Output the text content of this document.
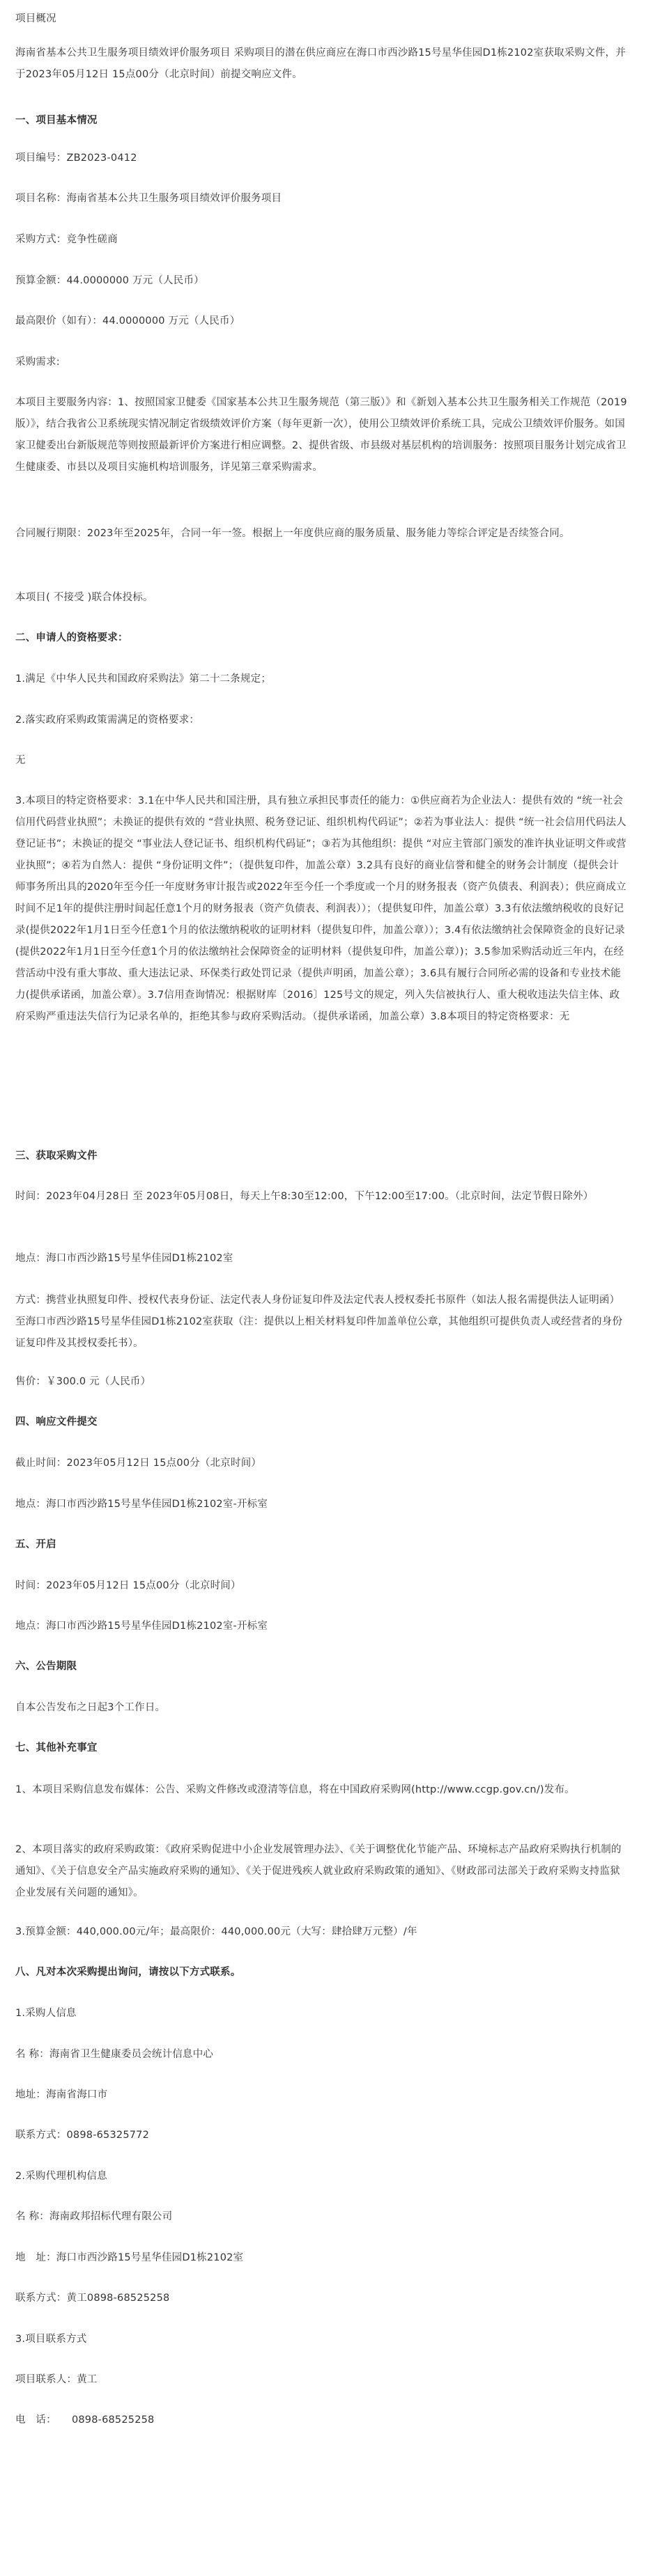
项目概况

海南省基本公共卫生服务项目绩效评价服务项目 采购项目的潜在供应商应在海口市西沙路15号星华佳园D1栋2102室获取采购文件，并于2023年05月12日 15点00分（北京时间）前提交响应文件。

一、项目基本情况

项目编号：ZB2023-0412

项目名称：海南省基本公共卫生服务项目绩效评价服务项目

采购方式：竞争性磋商

预算金额：44.0000000 万元（人民币）

最高限价（如有）：44.0000000 万元（人民币）

采购需求:

本项目主要服务内容：1、按照国家卫健委《国家基本公共卫生服务规范（第三版）》和《新划入基本公共卫生服务相关工作规范（2019版）》，结合我省公卫系统现实情况制定省级绩效评价方案（每年更新一次），使用公卫绩效评价系统工具，完成公卫绩效评价服务。如国家卫健委出台新版规范等则按照最新评价方案进行相应调整。2、提供省级、市县级对基层机构的培训服务：按照项目服务计划完成省卫生健康委、市县以及项目实施机构培训服务，详见第三章采购需求。

合同履行期限：2023年至2025年，合同一年一签。根据上一年度供应商的服务质量、服务能力等综合评定是否续签合同。

本项目( 不接受 )联合体投标。

二、申请人的资格要求：

1.满足《中华人民共和国政府采购法》第二十二条规定；

2.落实政府采购政策需满足的资格要求：

无

3.本项目的特定资格要求：3.1在中华人民共和国注册，具有独立承担民事责任的能力：①供应商若为企业法人：提供有效的 “统一社会信用代码营业执照”；未换证的提供有效的 “营业执照、税务登记证、组织机构代码证”；②若为事业法人：提供 “统一社会信用代码法人登记证书”；未换证的提交 “事业法人登记证书、组织机构代码证”；③若为其他组织：提供 “对应主管部门颁发的准许执业证明文件或营业执照”；④若为自然人：提供 “身份证明文件”；（提供复印件，加盖公章）3.2具有良好的商业信誉和健全的财务会计制度（提供会计师事务所出具的2020年至今任一年度财务审计报告或2022年至今任一个季度或一个月的财务报表（资产负债表、利润表）；供应商成立时间不足1年的提供注册时间起任意1个月的财务报表（资产负债表、利润表））；（提供复印件，加盖公章）3.3有依法缴纳税收的良好记录(提供2022年1月1日至今任意1个月的依法缴纳税收的证明材料（提供复印件，加盖公章））；3.4有依法缴纳社会保障资金的良好记录(提供2022年1月1日至今任意1个月的依法缴纳社会保障资金的证明材料（提供复印件，加盖公章）)；3.5参加采购活动近三年内，在经营活动中没有重大事故、重大违法记录、环保类行政处罚记录（提供声明函，加盖公章）；3.6具有履行合同所必需的设备和专业技术能力(提供承诺函，加盖公章）。3.7信用查询情况：根据财库〔2016〕125号文的规定，列入失信被执行人、重大税收违法失信主体、政府采购严重违法失信行为记录名单的，拒绝其参与政府采购活动。（提供承诺函，加盖公章）3.8本项目的特定资格要求：无

三、获取采购文件

时间：2023年04月28日 至 2023年05月08日，每天上午8:30至12:00，下午12:00至17:00。（北京时间，法定节假日除外）

地点：海口市西沙路15号星华佳园D1栋2102室

方式：携营业执照复印件、授权代表身份证、法定代表人身份证复印件及法定代表人授权委托书原件（如法人报名需提供法人证明函）至海口市西沙路15号星华佳园D1栋2102室获取（注：提供以上相关材料复印件加盖单位公章，其他组织可提供负责人或经营者的身份证复印件及其授权委托书）。

售价：￥300.0 元（人民币）

四、响应文件提交

截止时间：2023年05月12日 15点00分（北京时间）

地点：海口市西沙路15号星华佳园D1栋2102室-开标室

五、开启

时间：2023年05月12日 15点00分（北京时间）

地点：海口市西沙路15号星华佳园D1栋2102室-开标室

六、公告期限

自本公告发布之日起3个工作日。

七、其他补充事宜

1、本项目采购信息发布媒体：公告、采购文件修改或澄清等信息，将在中国政府采购网(http://www.ccgp.gov.cn/)发布。

2、本项目落实的政府采购政策：《政府采购促进中小企业发展管理办法》、《关于调整优化节能产品、环境标志产品政府采购执行机制的通知》、《关于信息安全产品实施政府采购的通知》、《关于促进残疾人就业政府采购政策的通知》、《财政部司法部关于政府采购支持监狱企业发展有关问题的通知》。

3.预算金额：440,000.00元/年；最高限价：440,000.00元（大写：肆拾肆万元整）/年

八、凡对本次采购提出询问，请按以下方式联系。

1.采购人信息

名 称：海南省卫生健康委员会统计信息中心

地址：海南省海口市

联系方式：0898-65325772

2.采购代理机构信息

名 称：海南政邦招标代理有限公司

地　址：海口市西沙路15号星华佳园D1栋2102室

联系方式：黄工0898-68525258

3.项目联系方式

项目联系人：黄工

电　话：　　0898-68525258
